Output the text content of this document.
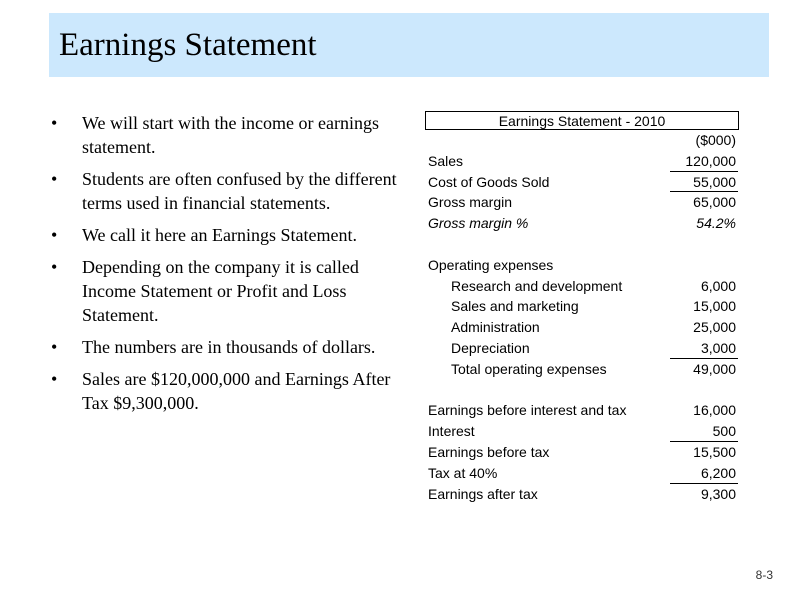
Earnings Statement
• We will start with the income or earnings statement.
• Students are often confused by the different terms used in financial statements.
• We call it here an Earnings Statement.
• Depending on the company it is called Income Statement or Profit and Loss Statement.
• The numbers are in thousands of dollars.
• Sales are $120,000,000 and Earnings After Tax $9,300,000.
Earnings Statement - 2010
($000)
Sales	120,000
Cost of Goods Sold	55,000
Gross margin	65,000
Gross margin %	54.2%
Operating expenses
Research and development	6,000
Sales and marketing	15,000
Administration	25,000
Depreciation	3,000
Total operating expenses	49,000
Earnings before interest and tax	16,000
Interest	500
Earnings before tax	15,500
Tax at 40%	6,200
Earnings after tax	9,300
8-3
